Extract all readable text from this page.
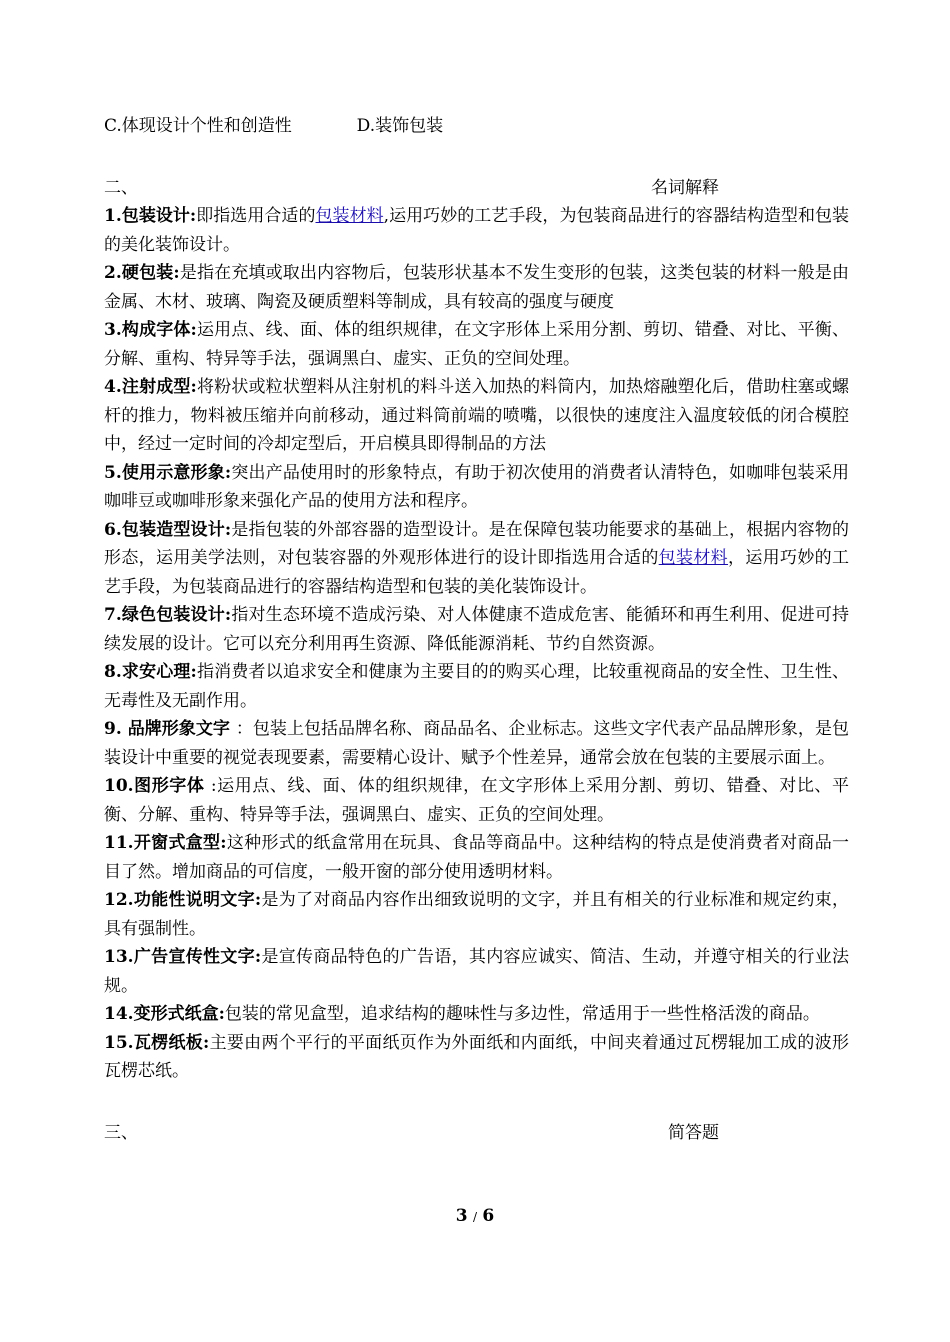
C.体现设计个性和创造性	D.装饰包装

二、	名词解释

1.包装设计:即指选用合适的包装材料,运用巧妙的工艺手段，为包装商品进行的容器结构造型和包装的美化装饰设计。

2.硬包装:是指在充填或取出内容物后，包装形状基本不发生变形的包装，这类包装的材料一般是由金属、木材、玻璃、陶瓷及硬质塑料等制成，具有较高的强度与硬度

3.构成字体:运用点、线、面、体的组织规律，在文字形体上采用分割、剪切、错叠、对比、平衡、分解、重构、特异等手法，强调黑白、虚实、正负的空间处理。

4.注射成型:将粉状或粒状塑料从注射机的料斗送入加热的料筒内，加热熔融塑化后，借助柱塞或螺杆的推力，物料被压缩并向前移动，通过料筒前端的喷嘴，以很快的速度注入温度较低的闭合模腔中，经过一定时间的冷却定型后，开启模具即得制品的方法

5.使用示意形象:突出产品使用时的形象特点，有助于初次使用的消费者认清特色，如咖啡包装采用咖啡豆或咖啡形象来强化产品的使用方法和程序。

6.包装造型设计:是指包装的外部容器的造型设计。是在保障包装功能要求的基础上，根据内容物的形态，运用美学法则，对包装容器的外观形体进行的设计即指选用合适的包装材料，运用巧妙的工艺手段，为包装商品进行的容器结构造型和包装的美化装饰设计。

7.绿色包装设计:指对生态环境不造成污染、对人体健康不造成危害、能循环和再生利用、促进可持续发展的设计。它可以充分利用再生资源、降低能源消耗、节约自然资源。

8.求安心理:指消费者以追求安全和健康为主要目的的购买心理，比较重视商品的安全性、卫生性、无毒性及无副作用。

9. 品牌形象文字 ：包装上包括品牌名称、商品品名、企业标志。这些文字代表产品品牌形象，是包装设计中重要的视觉表现要素，需要精心设计、赋予个性差异，通常会放在包装的主要展示面上。

10.图形字体 :运用点、线、面、体的组织规律，在文字形体上采用分割、剪切、错叠、对比、平衡、分解、重构、特异等手法，强调黑白、虚实、正负的空间处理。

11.开窗式盒型:这种形式的纸盒常用在玩具、食品等商品中。这种结构的特点是使消费者对商品一目了然。增加商品的可信度，一般开窗的部分使用透明材料。

12.功能性说明文字:是为了对商品内容作出细致说明的文字，并且有相关的行业标准和规定约束，具有强制性。

13.广告宣传性文字:是宣传商品特色的广告语，其内容应诚实、简洁、生动，并遵守相关的行业法规。

14.变形式纸盒:包装的常见盒型，追求结构的趣味性与多边性，常适用于一些性格活泼的商品。

15.瓦楞纸板:主要由两个平行的平面纸页作为外面纸和内面纸，中间夹着通过瓦楞辊加工成的波形瓦楞芯纸。

三、	简答题
3 / 6
